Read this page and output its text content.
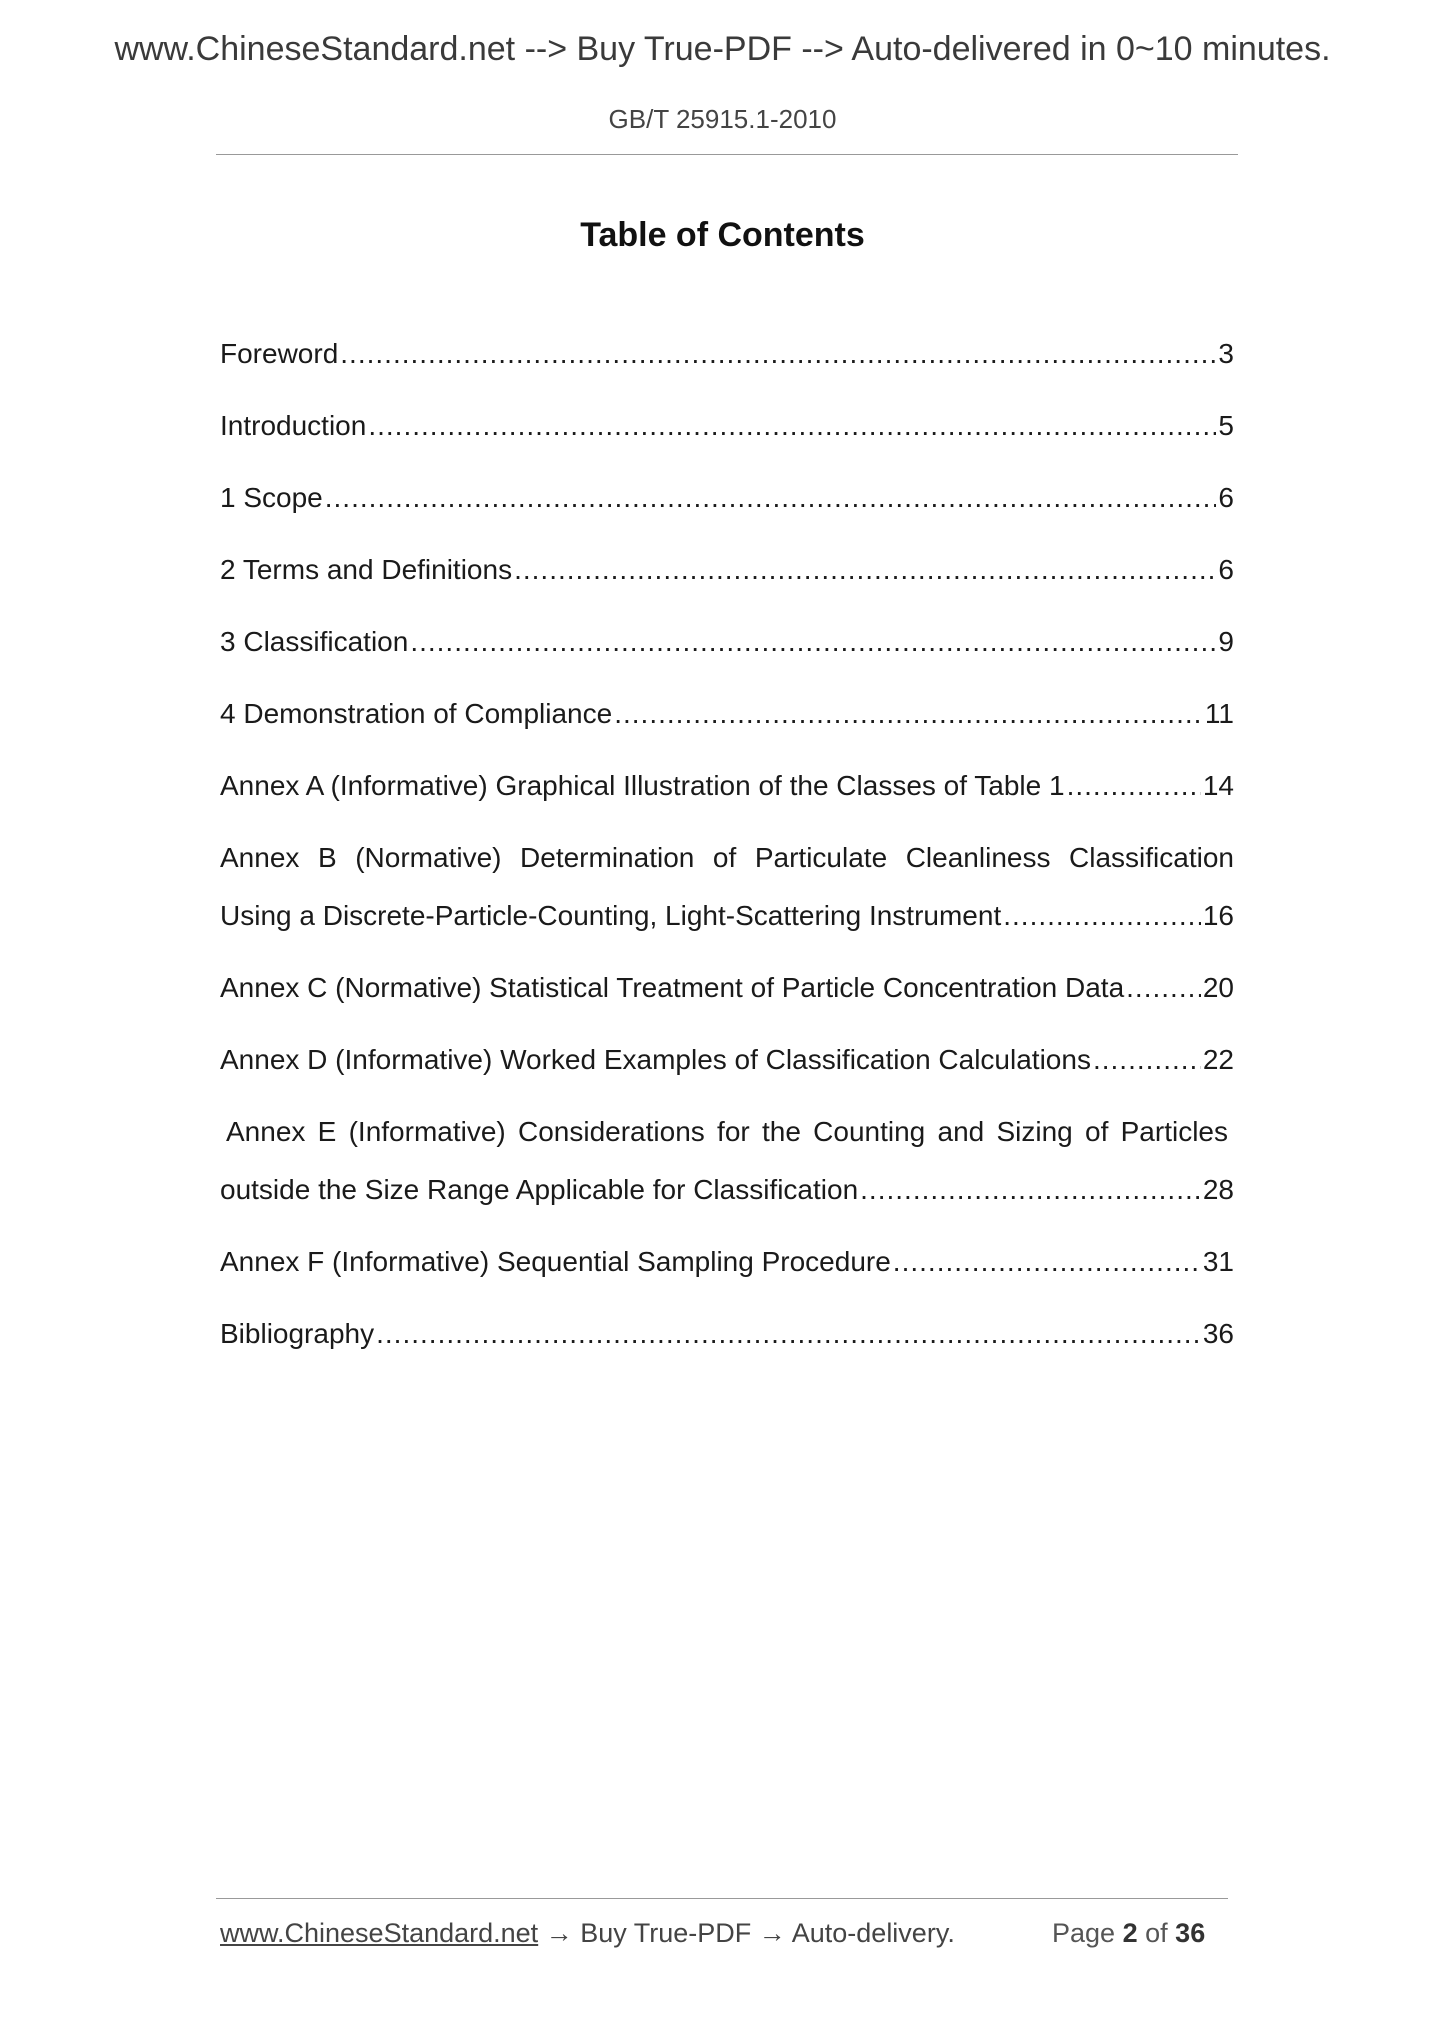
www.ChineseStandard.net --> Buy True-PDF --> Auto-delivered in 0~10 minutes.
GB/T 25915.1-2010
Table of Contents
Foreword .....	3
Introduction .....	5
1 Scope .....	6
2 Terms and Definitions .....	6
3 Classification .....	9
4 Demonstration of Compliance .....	11
Annex A (Informative) Graphical Illustration of the Classes of Table 1 .....	14
Annex B (Normative) Determination of Particulate Cleanliness Classification
Using a Discrete-Particle-Counting, Light-Scattering Instrument .....	16
Annex C (Normative) Statistical Treatment of Particle Concentration Data .....	20
Annex D (Informative) Worked Examples of Classification Calculations .....	22
Annex E (Informative) Considerations for the Counting and Sizing of Particles
outside the Size Range Applicable for Classification .....	28
Annex F (Informative) Sequential Sampling Procedure .....	31
Bibliography .....	36
www.ChineseStandard.net → Buy True-PDF → Auto-delivery.	Page 2 of 36
